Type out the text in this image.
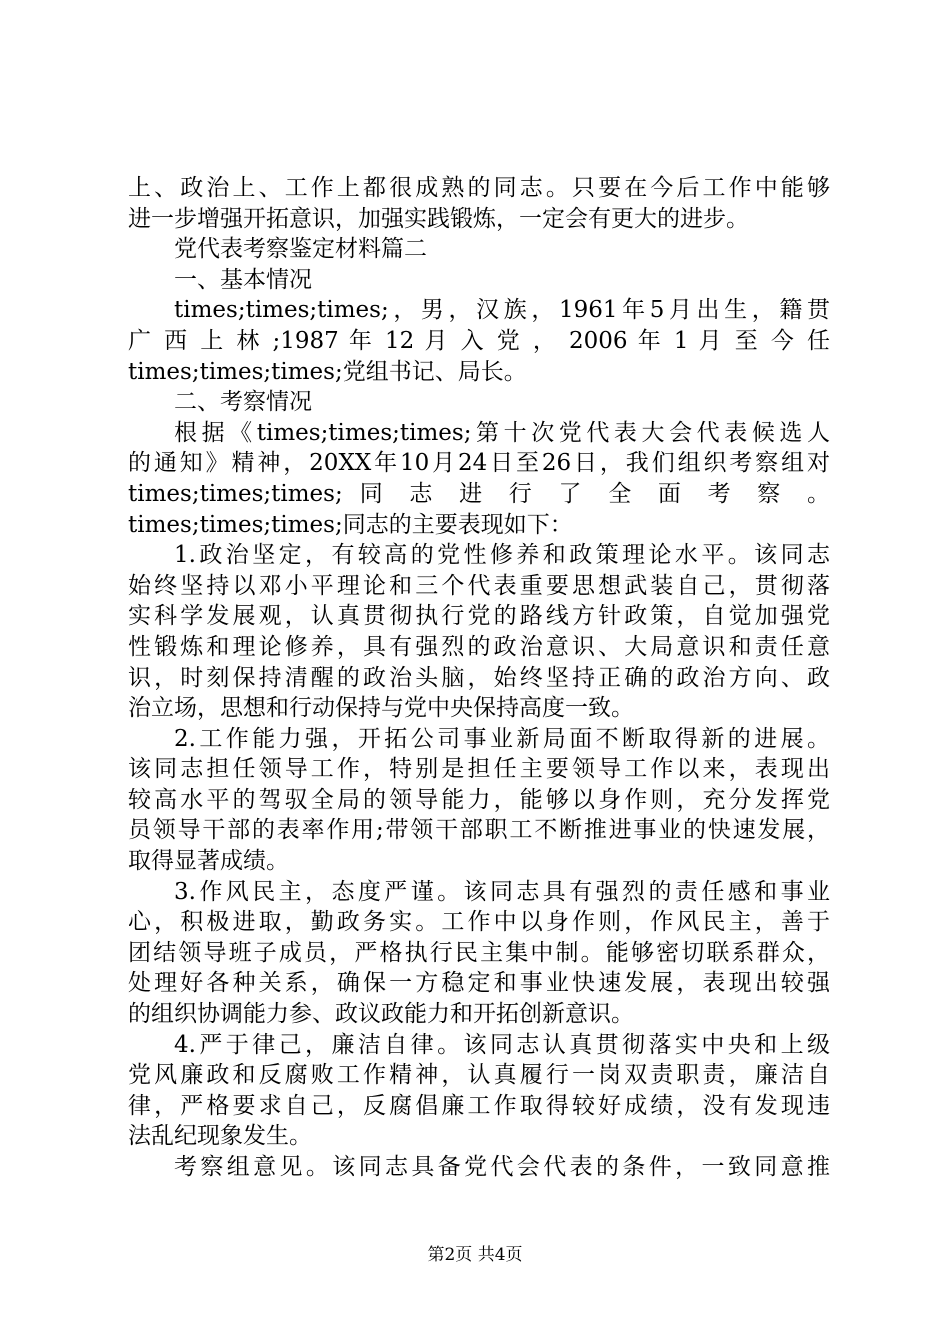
上、政治上、工作上都很成熟的同志。只要在今后工作中能够
进一步增强开拓意识，加强实践锻炼，一定会有更大的进步。
党代表考察鉴定材料篇二
一、基本情况
times;times;times;，男，汉族，1961年5月出生，籍贯
广 西 上 林 ;1987 年 12 月 入 党 ， 2006 年 1 月 至 今 任
times;times;times;党组书记、局长。
二、考察情况
根据《times;times;times;第十次党代表大会代表候选人
的通知》精神，20XX年10月24日至26日，我们组织考察组对
times;times;times; 同 志 进 行 了 全 面 考 察 。
times;times;times;同志的主要表现如下：
1.政治坚定，有较高的党性修养和政策理论水平。该同志
始终坚持以邓小平理论和三个代表重要思想武装自己，贯彻落
实科学发展观，认真贯彻执行党的路线方针政策，自觉加强党
性锻炼和理论修养，具有强烈的政治意识、大局意识和责任意
识，时刻保持清醒的政治头脑，始终坚持正确的政治方向、政
治立场，思想和行动保持与党中央保持高度一致。
2.工作能力强，开拓公司事业新局面不断取得新的进展。
该同志担任领导工作，特别是担任主要领导工作以来，表现出
较高水平的驾驭全局的领导能力，能够以身作则，充分发挥党
员领导干部的表率作用;带领干部职工不断推进事业的快速发展，
取得显著成绩。
3.作风民主，态度严谨。该同志具有强烈的责任感和事业
心，积极进取，勤政务实。工作中以身作则，作风民主，善于
团结领导班子成员，严格执行民主集中制。能够密切联系群众，
处理好各种关系，确保一方稳定和事业快速发展，表现出较强
的组织协调能力参、政议政能力和开拓创新意识。
4.严于律己，廉洁自律。该同志认真贯彻落实中央和上级
党风廉政和反腐败工作精神，认真履行一岗双责职责，廉洁自
律，严格要求自己，反腐倡廉工作取得较好成绩，没有发现违
法乱纪现象发生。
考察组意见。该同志具备党代会代表的条件，一致同意推
第2页 共4页
